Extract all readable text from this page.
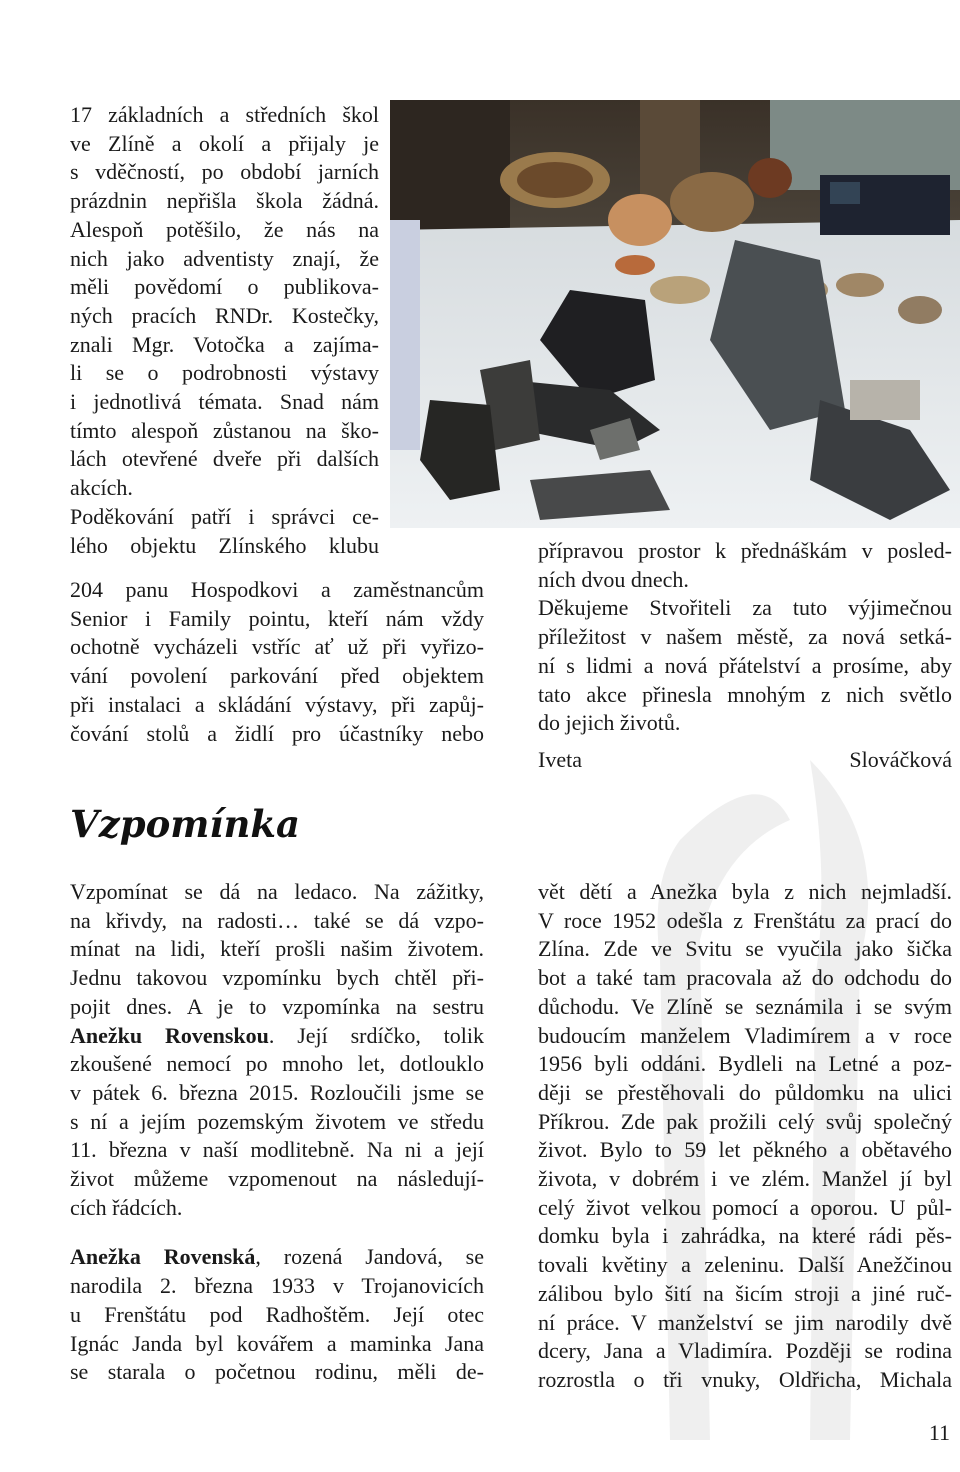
17 základních a středních škol

ve Zlíně a okolí a přijaly je

s vděčností, po období jarních

prázdnin nepřišla škola žádná.

Alespoň potěšilo, že nás na

nich jako adventisty znají, že

měli povědomí o publikova-

ných pracích RNDr. Kostečky,

znali Mgr. Votočka a zajíma-

li se o podrobnosti výstavy

i jednotlivá témata. Snad nám

tímto alespoň zůstanou na ško-

lách otevřené dveře při dalších

akcích.

Poděkování patří i správci ce-

lého objektu Zlínského klubu

204 panu Hospodkovi a zaměstnancům

Senior i Family pointu, kteří nám vždy

ochotně vycházeli vstříc ať už při vyřizo-

vání povolení parkování před objektem

při instalaci a skládání výstavy, při zapůj-

čování stolů a židlí pro účastníky nebo

přípravou prostor k přednáškám v posled-

ních dvou dnech.

Děkujeme Stvořiteli za tuto výjimečnou

příležitost v našem městě, za nová setká-

ní s lidmi a nová přátelství a prosíme, aby

tato akce přinesla mnohým z nich světlo

do jejich životů.

Iveta Slováčková

Vzpomínka

Vzpomínat se dá na ledaco. Na zážitky,

na křivdy, na radosti… také se dá vzpo-

mínat na lidi, kteří prošli našim životem.

Jednu takovou vzpomínku bych chtěl při-

pojit dnes. A je to vzpomínka na sestru

Anežku Rovenskou. Její srdíčko, tolik

zkoušené nemocí po mnoho let, dotlouklo

v pátek 6. března 2015. Rozloučili jsme se

s ní a jejím pozemským životem ve středu

11. března v naší modlitebně. Na ni a její

život můžeme vzpomenout na následují-

cích řádcích.

Anežka Rovenská, rozená Jandová, se

narodila 2. března 1933 v Trojanovicích

u Frenštátu pod Radhoštěm. Její otec

Ignác Janda byl kovářem a maminka Jana

se starala o početnou rodinu, měli de-

vět dětí a Anežka byla z nich nejmladší.

V roce 1952 odešla z Frenštátu za prací do

Zlína. Zde ve Svitu se vyučila jako šička

bot a také tam pracovala až do odchodu do

důchodu. Ve Zlíně se seznámila i se svým

budoucím manželem Vladimírem a v roce

1956 byli oddáni. Bydleli na Letné a poz-

ději se přestěhovali do půldomku na ulici

Příkrou. Zde pak prožili celý svůj společný

život. Bylo to 59 let pěkného a obětavého

života, v dobrém i ve zlém. Manžel jí byl

celý život velkou pomocí a oporou. U půl-

domku byla i zahrádka, na které rádi pěs-

tovali květiny a zeleninu. Další Anežčinou

zálibou bylo šití na šicím stroji a jiné ruč-

ní práce. V manželství se jim narodily dvě

dcery, Jana a Vladimíra. Později se rodina

rozrostla o tři vnuky, Oldřicha, Michala

11
